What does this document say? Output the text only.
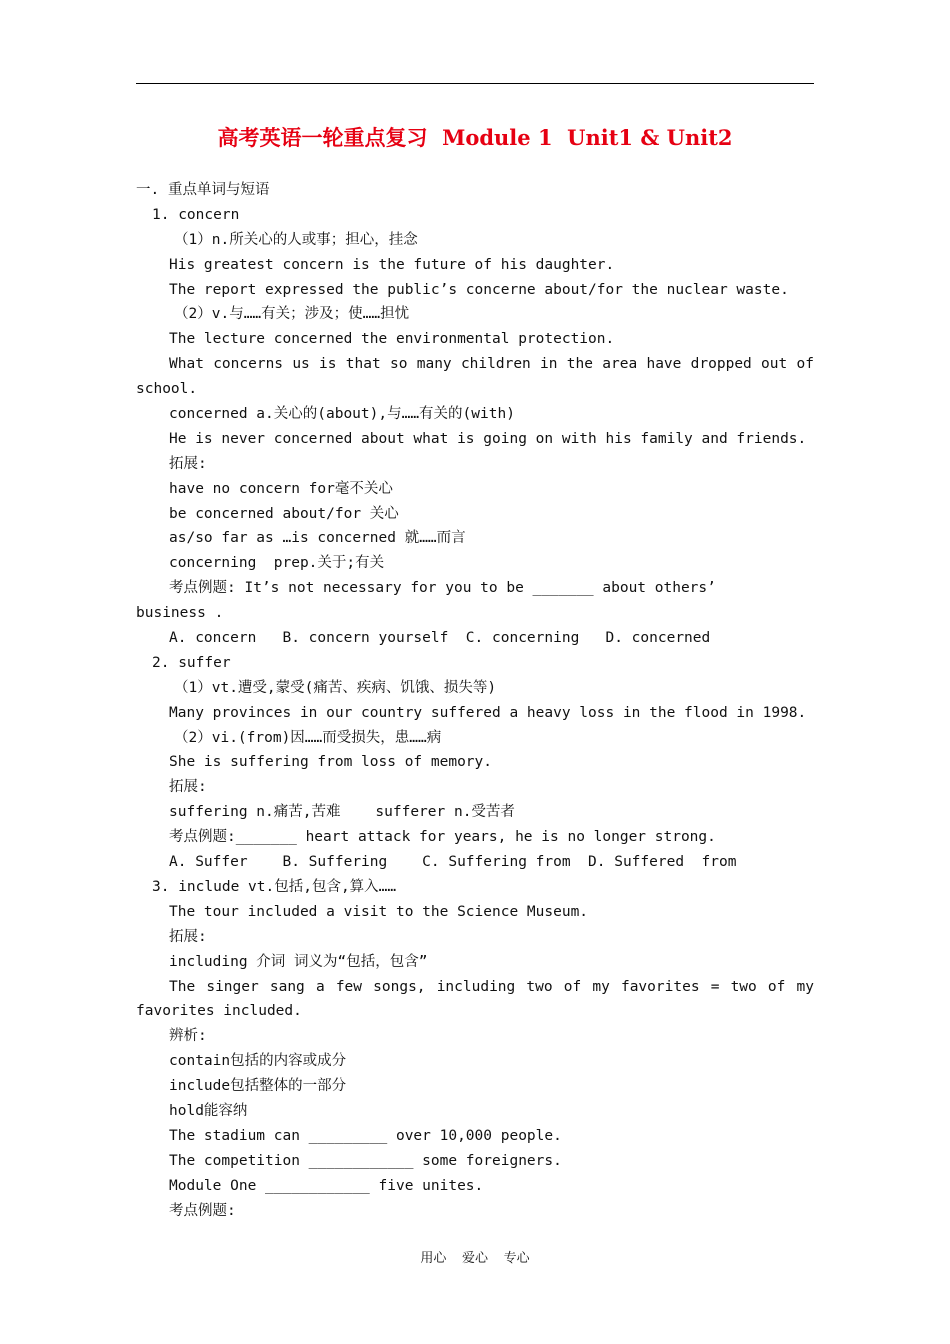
高考英语一轮重点复习  Module 1  Unit1 & Unit2
一. 重点单词与短语
1. concern
（1）n.所关心的人或事；担心，挂念
His greatest concern is the future of his daughter.
The report expressed the public’s concerne about/for the nuclear waste.
（2）v.与……有关；涉及；使……担忧
The lecture concerned the environmental protection.
What concerns us is that so many children in the area have dropped out of
school.
concerned a.关心的(about),与……有关的(with)
He is never concerned about what is going on with his family and friends.
拓展:
have no concern for毫不关心
be concerned about/for 关心
as/so far as …is concerned 就……而言
concerning  prep.关于;有关
考点例题: It’s not necessary for you to be _______ about others’
business .
A. concern   B. concern yourself  C. concerning   D. concerned
2. suffer
（1）vt.遭受,蒙受(痛苦、疾病、饥饿、损失等)
Many provinces in our country suffered a heavy loss in the flood in 1998.
（2）vi.(from)因……而受损失，患……病
She is suffering from loss of memory.
拓展:
suffering n.痛苦,苦难    sufferer n.受苦者
考点例题:_______ heart attack for years, he is no longer strong.
A. Suffer    B. Suffering    C. Suffering from  D. Suffered  from
3. include vt.包括,包含,算入……
The tour included a visit to the Science Museum.
拓展:
including 介词 词义为“包括，包含”
The singer sang a few songs, including two of my favorites = two of my
favorites included.
辨析:
contain包括的内容或成分
include包括整体的一部分
hold能容纳
The stadium can _________ over 10,000 people.
The competition ____________ some foreigners.
Module One ____________ five unites.
考点例题:
用心  爱心  专心
